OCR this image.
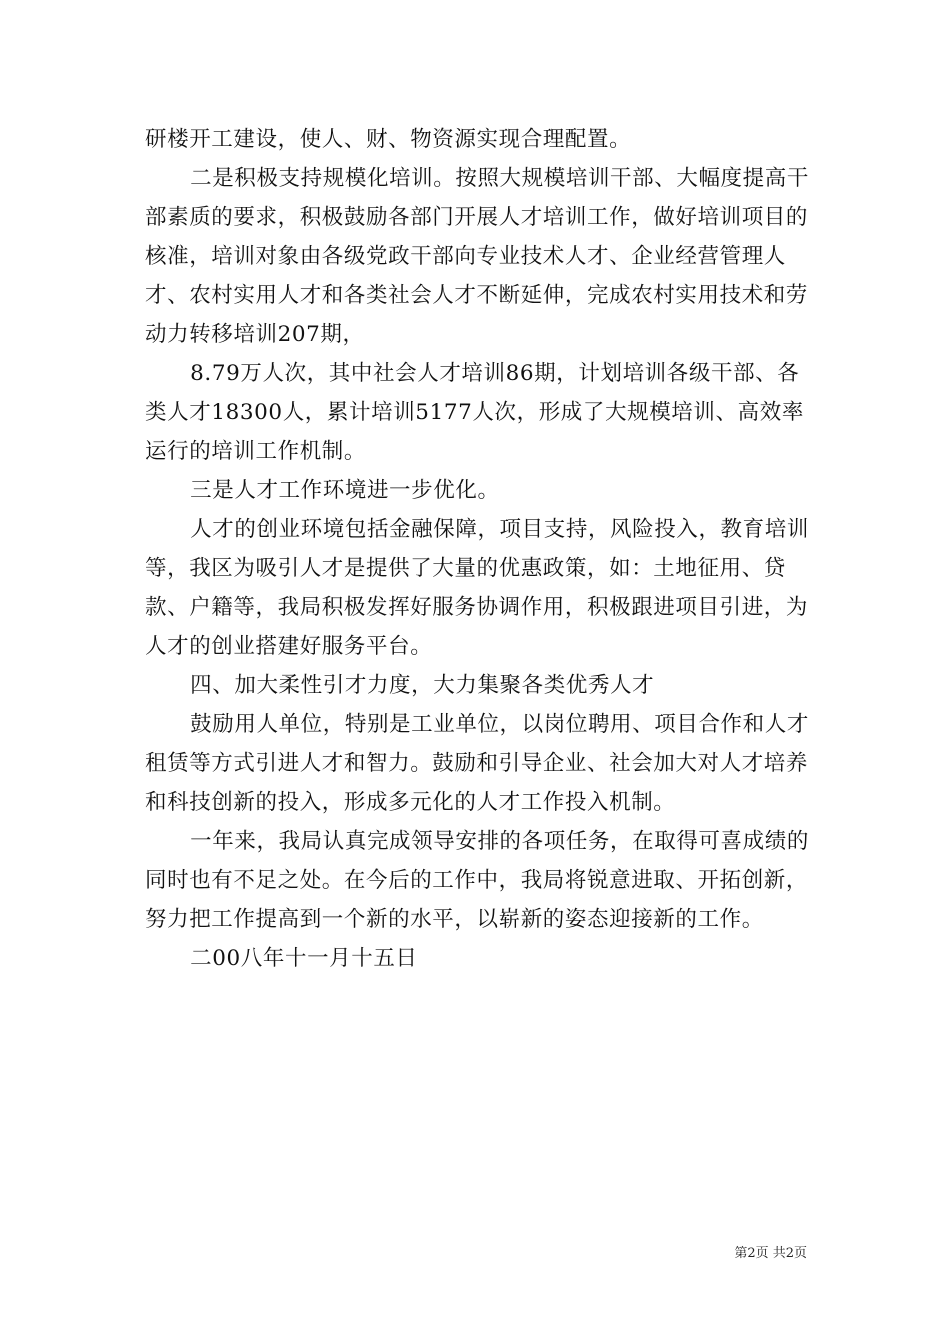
研楼开工建设，使人、财、物资源实现合理配置。

二是积极支持规模化培训。按照大规模培训干部、大幅度提高干部素质的要求，积极鼓励各部门开展人才培训工作，做好培训项目的核准，培训对象由各级党政干部向专业技术人才、企业经营管理人才、农村实用人才和各类社会人才不断延伸，完成农村实用技术和劳动力转移培训207期，

8.79万人次，其中社会人才培训86期，计划培训各级干部、各类人才18300人，累计培训5177人次，形成了大规模培训、高效率运行的培训工作机制。

三是人才工作环境进一步优化。

人才的创业环境包括金融保障，项目支持，风险投入，教育培训等，我区为吸引人才是提供了大量的优惠政策，如：土地征用、贷款、户籍等，我局积极发挥好服务协调作用，积极跟进项目引进，为人才的创业搭建好服务平台。

四、加大柔性引才力度，大力集聚各类优秀人才

鼓励用人单位，特别是工业单位，以岗位聘用、项目合作和人才租赁等方式引进人才和智力。鼓励和引导企业、社会加大对人才培养和科技创新的投入，形成多元化的人才工作投入机制。

一年来，我局认真完成领导安排的各项任务，在取得可喜成绩的同时也有不足之处。在今后的工作中，我局将锐意进取、开拓创新，努力把工作提高到一个新的水平，以崭新的姿态迎接新的工作。

二00八年十一月十五日

第2页 共2页
